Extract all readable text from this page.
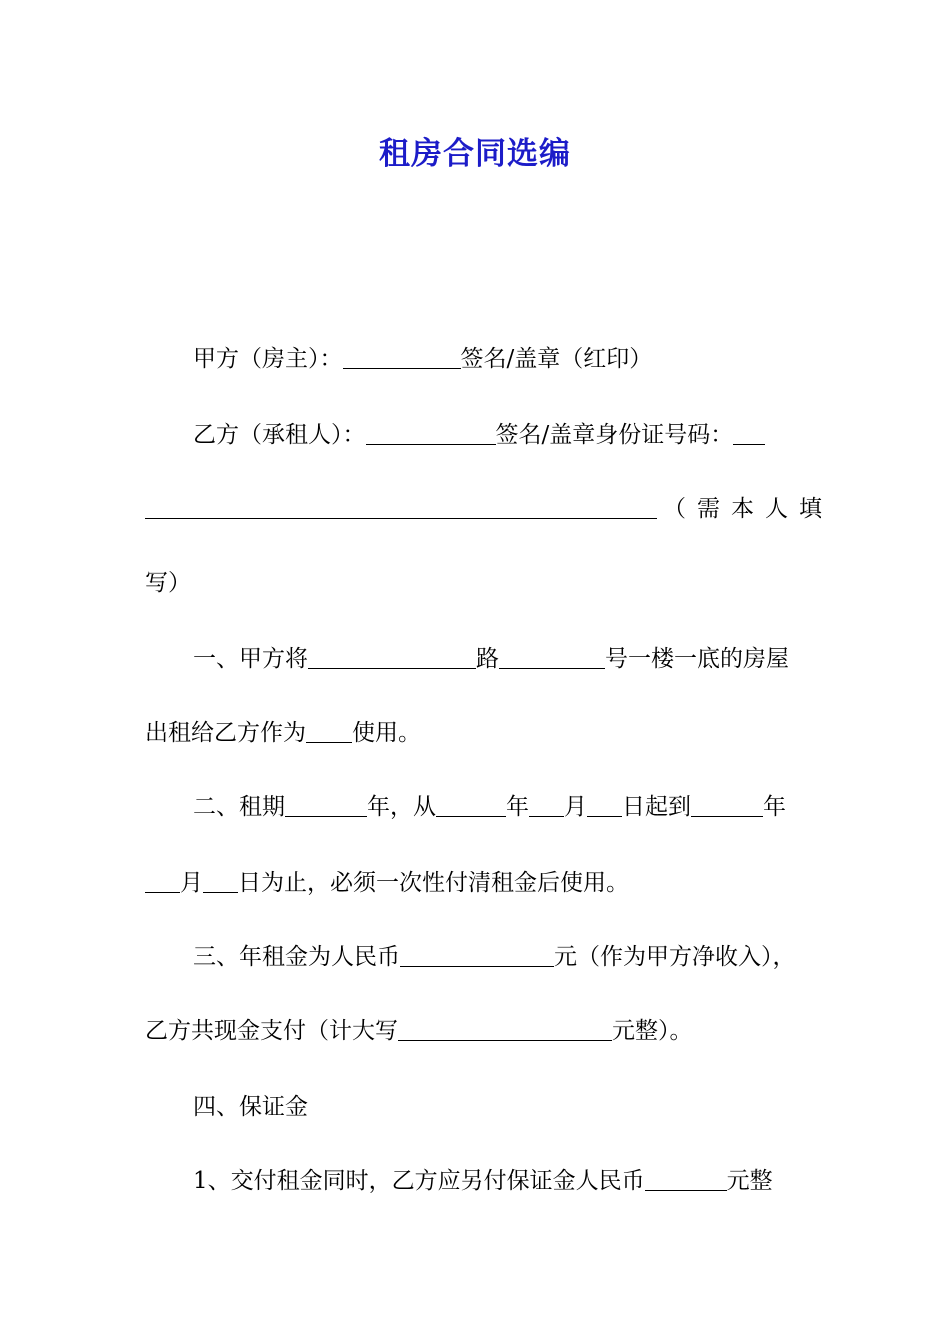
租房合同选编
甲方（房主）：	签名/盖章（红印）
乙方（承租人）：	签名/盖章身份证号码：
（需本人填
写）
一、甲方将	路	号一楼一底的房屋
出租给乙方作为 使用。
二、租期	年，从	年 月 日起到	年
月 日为止，必须一次性付清租金后使用。
三、年租金为人民币	元（作为甲方净收入），
乙方共现金支付（计大写	元整）。
四、保证金
1、交付租金同时，乙方应另付保证金人民币	元整
